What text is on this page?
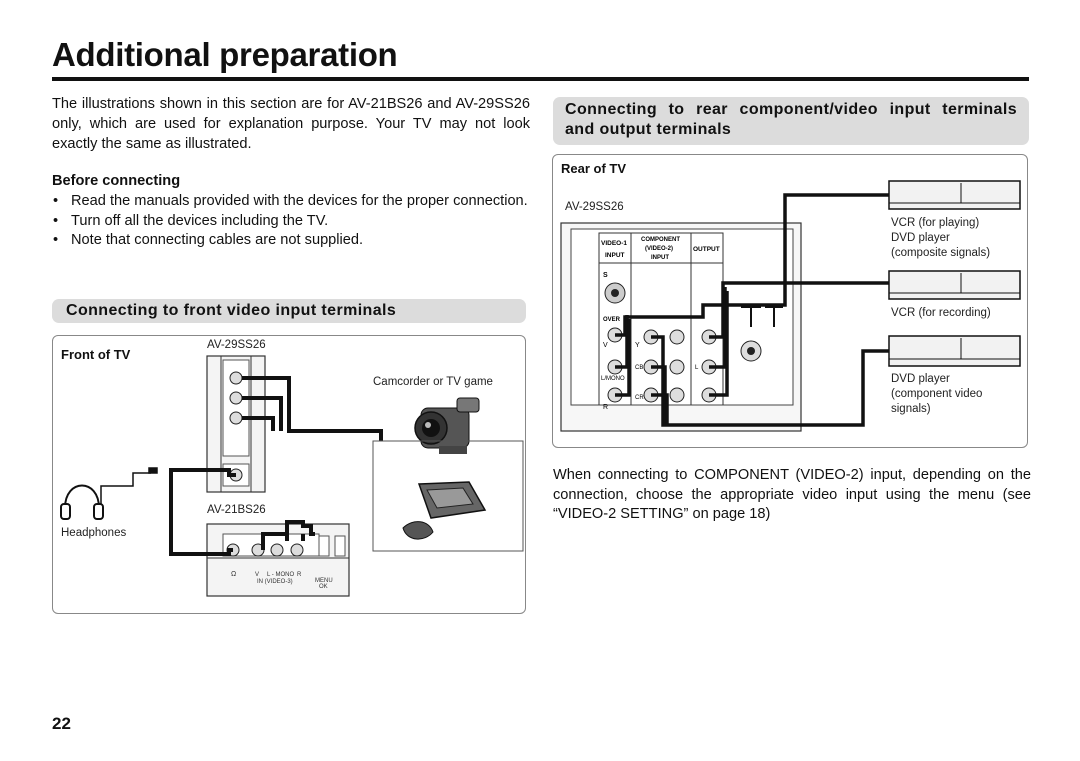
Additional preparation
The illustrations shown in this section are for AV-21BS26 and AV-29SS26 only, which are used for explanation purpose. Your TV may not look exactly the same as illustrated.
Before connecting
• Read the manuals provided with the devices for the proper connection.
• Turn off all the devices including the TV.
• Note that connecting cables are not supplied.
Connecting to front video input terminals
Front of TV
AV-29SS26
AV-21BS26
Camcorder or TV game
Headphones
Ω	V L - MONO R
IN (VIDEO-3)	MENU
OK
Connecting to rear component/video input terminals and output terminals
Rear of TV
AV-29SS26
VCR (for playing)
DVD player
(composite signals)
VCR (for recording)
DVD player
(component video
signals)
VIDEO-1
INPUT
COMPONENT
(VIDEO-2)
INPUT
OUTPUT
S
OVER
V
L/MONO
R
Y
CB
CR
L
When connecting to COMPONENT (VIDEO-2) input, depending on the connection, choose the appropriate video input using the menu (see “VIDEO-2 SETTING” on page 18)
22
